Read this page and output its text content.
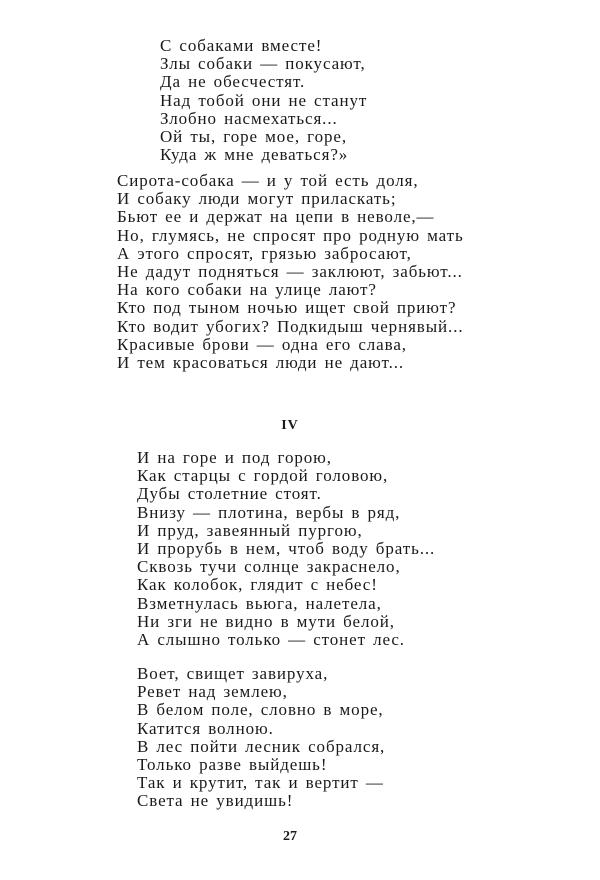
С собаками вместе!
Злы собаки — покусают,
Да не обесчестят.
Над тобой они не станут
Злобно насмехаться...
Ой ты, горе мое, горе,
Куда ж мне деваться?»
Сирота-собака — и у той есть доля,
И собаку люди могут приласкать;
Бьют ее и держат на цепи в неволе,—
Но, глумясь, не спросят про родную мать
А этого спросят, грязью забросают,
Не дадут подняться — заклюют, забьют...
На кого собаки на улице лают?
Кто под тыном ночью ищет свой приют?
Кто водит убогих? Подкидыш чернявый...
Красивые брови — одна его слава,
И тем красоваться люди не дают...
IV
И на горе и под горою,
Как старцы с гордой головою,
Дубы столетние стоят.
Внизу — плотина, вербы в ряд,
И пруд, завеянный пургою,
И прорубь в нем, чтоб воду брать...
Сквозь тучи солнце закраснело,
Как колобок, глядит с небес!
Взметнулась вьюга, налетела,
Ни зги не видно в мути белой,
А слышно только — стонет лес.
Воет, свищет завируха,
Ревет над землею,
В белом поле, словно в море,
Катится волною.
В лес пойти лесник собрался,
Только разве выйдешь!
Так и крутит, так и вертит —
Света не увидишь!
27
